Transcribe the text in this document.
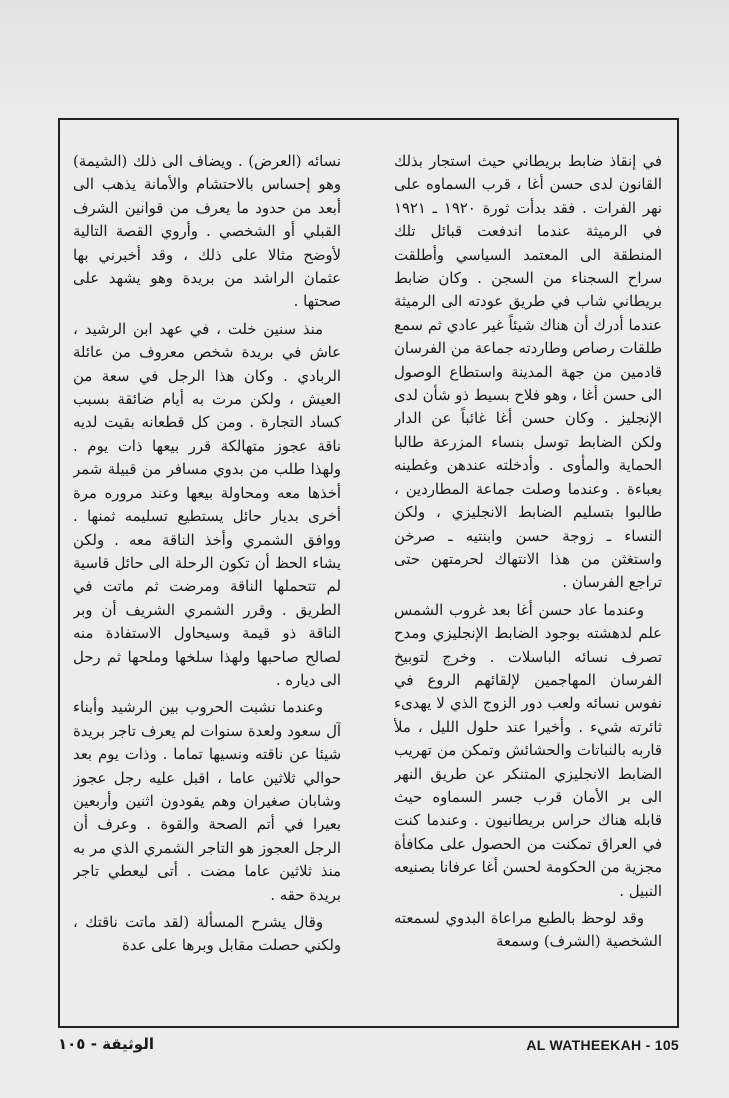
في إنقاذ ضابط بريطاني حيث استجار بذلك القانون لدى حسن أغا ، قرب السماوه على نهر الفرات . فقد بدأت ثورة ١٩٢٠ ـ ١٩٢١ في الرميثة عندما اندفعت قبائل تلك المنطقة الى المعتمد السياسي وأطلقت سراح السجناء من السجن . وكان ضابط بريطاني شاب في طريق عودته الى الرميثة عندما أدرك أن هناك شيئاً غير عادي ثم سمع طلقات رصاص وطاردته جماعة من الفرسان قادمين من جهة المدينة واستطاع الوصول الى حسن أغا ، وهو فلاح بسيط ذو شأن لدى الإنجليز . وكان حسن أغا غائباً عن الدار ولكن الضابط توسل بنساء المزرعة طالبا الحماية والمأوى . وأدخلته عندهن وغطينه بعباءة . وعندما وصلت جماعة المطاردين ، طالبوا بتسليم الضابط الانجليزي ، ولكن النساء ـ زوجة حسن وابنتيه ـ صرخن واستغثن من هذا الانتهاك لحرمتهن حتى تراجع الفرسان .

وعندما عاد حسن أغا بعد غروب الشمس علم لدهشته بوجود الضابط الإنجليزي ومدح تصرف نسائه الباسلات . وخرج لتوبيخ الفرسان المهاجمين لإلقائهم الروع في نفوس نسائه ولعب دور الزوج الذي لا يهدىء ثائرته شيء . وأخيرا عند حلول الليل ، ملأ قاربه بالنباتات والحشائش وتمكن من تهريب الضابط الانجليزي المتنكر عن طريق النهر الى بر الأمان قرب جسر السماوه حيث قابله هناك حراس بريطانيون . وعندما كنت في العراق تمكنت من الحصول على مكافأة مجزية من الحكومة لحسن أغا عرفانا بصنيعه النبيل .

وقد لوحظ بالطبع مراعاة البدوي لسمعته الشخصية (الشرف) وسمعة

نسائه (العرض) . ويضاف الى ذلك (الشيمة) وهو إحساس بالاحتشام والأمانة يذهب الى أبعد من حدود ما يعرف من قوانين الشرف القبلي أو الشخصي . وأروي القصة التالية لأوضح مثالا على ذلك ، وقد أخبرني بها عثمان الراشد من بريدة وهو يشهد على صحتها .

منذ سنين خلت ، في عهد ابن الرشيد ، عاش في بريدة شخص معروف من عائلة الربادي . وكان هذا الرجل في سعة من العيش ، ولكن مرت به أيام ضائقة بسبب كساد التجارة . ومن كل قطعانه بقيت لديه ناقة عجوز متهالكة قرر بيعها ذات يوم . ولهذا طلب من بدوي مسافر من قبيلة شمر أخذها معه ومحاولة بيعها وعند مروره مرة أخرى بديار حائل يستطيع تسليمه ثمنها . ووافق الشمري وأخذ الناقة معه . ولكن يشاء الحظ أن تكون الرحلة الى حائل قاسية لم تتحملها الناقة ومرضت ثم ماتت في الطريق . وقرر الشمري الشريف أن وبر الناقة ذو قيمة وسيحاول الاستفادة منه لصالح صاحبها ولهذا سلخها وملحها ثم رحل الى دياره .

وعندما نشبت الحروب بين الرشيد وأبناء آل سعود ولعدة سنوات لم يعرف تاجر بريدة شيئا عن ناقته ونسيها تماما . وذات يوم بعد حوالي ثلاثين عاما ، اقبل عليه رجل عجوز وشابان صغيران وهم يقودون اثنين وأربعين بعيرا في أتم الصحة والقوة . وعرف أن الرجل العجوز هو التاجر الشمري الذي مر به منذ ثلاثين عاما مضت . أتى ليعطي تاجر بريدة حقه .

وقال يشرح المسألة (لقد ماتت ناقتك ، ولكني حصلت مقابل وبرها على عدة

الوثيقة - ١٠٥	AL WATHEEKAH - 105
